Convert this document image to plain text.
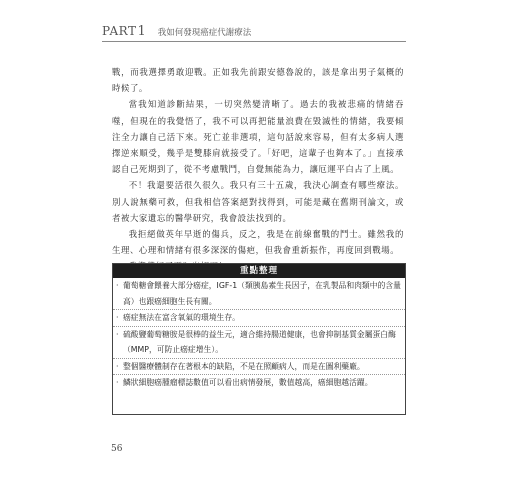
PART 1 我如何發現癌症代謝療法

戰，而我選擇勇敢迎戰。正如我先前跟安德魯說的，該是拿出男子氣概的時候了。

當我知道診斷結果，一切突然變清晰了。過去的我被悲痛的情緒吞噬，但現在的我覺悟了，我不可以再把能量浪費在毀滅性的情緒，我要傾注全力讓自己活下來。死亡並非選項，這句話說來容易，但有太多病人選擇逆來順受，幾乎是雙膝肩就接受了。「好吧，這輩子也夠本了。」直接承認自己死期到了，從不考慮戰鬥，自覺無能為力，讓厄運平白占了上風。

不！我還要活很久很久。我只有三十五歲，我決心調查有哪些療法。別人說無藥可救，但我相信答案絕對找得到，可能是藏在舊期刊論文，或者被大家遺忘的醫學研究，我會設法找到的。

我拒絕做英年早逝的傷兵，反之，我是在前線奮戰的鬥士。雖然我的生理、心理和情緒有很多深深的傷疤，但我會重新振作，再度回到戰場。

重點整理
· 葡萄糖會餵養大部分癌症，IGF-1（類胰島素生長因子，在乳製品和肉類中的含量高）也跟癌細胞生長有關。
· 癌症無法在富含氧氣的環境生存。
· 硫酸鹽葡萄糖胺是很棒的益生元，適合維持腸道健康，也會抑制基質金屬蛋白酶（MMP，可防止癌症增生）。
· 整個醫療體制存在著根本的缺陷，不是在照顧病人，而是在圖利藥廠。
· 鱗狀細胞癌腫瘤標誌數值可以看出病情發展，數值越高，癌細胞越活躍。
56
